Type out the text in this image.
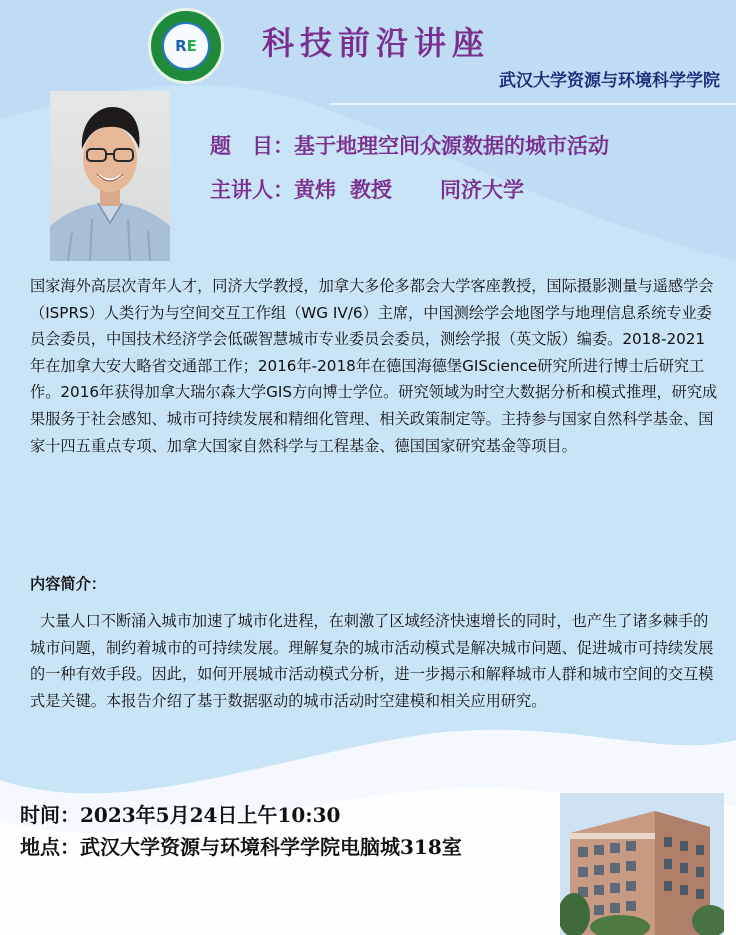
R E 科技前沿讲座
武汉大学资源与环境科学学院
题　目：基于地理空间众源数据的城市活动
主讲人：黄炜 教授 同济大学

国家海外高层次青年人才，同济大学教授，加拿大多伦多都会大学客座教授，国际摄影测量与遥感学会（ISPRS）人类行为与空间交互工作组（WG IV/6）主席，中国测绘学会地图学与地理信息系统专业委员会委员，中国技术经济学会低碳智慧城市专业委员会委员，测绘学报（英文版）编委。2018-2021年在加拿大安大略省交通部工作；2016年-2018年在德国海德堡GIScience研究所进行博士后研究工作。2016年获得加拿大瑞尔森大学GIS方向博士学位。研究领域为时空大数据分析和模式推理，研究成果服务于社会感知、城市可持续发展和精细化管理、相关政策制定等。主持参与国家自然科学基金、国家十四五重点专项、加拿大国家自然科学与工程基金、德国国家研究基金等项目。

内容简介：

大量人口不断涌入城市加速了城市化进程，在刺激了区域经济快速增长的同时，也产生了诸多棘手的城市问题，制约着城市的可持续发展。理解复杂的城市活动模式是解决城市问题、促进城市可持续发展的一种有效手段。因此，如何开展城市活动模式分析，进一步揭示和解释城市人群和城市空间的交互模式是关键。本报告介绍了基于数据驱动的城市活动时空建模和相关应用研究。

时间：2023年5月24日上午10:30
地点：武汉大学资源与环境科学学院电脑城318室
